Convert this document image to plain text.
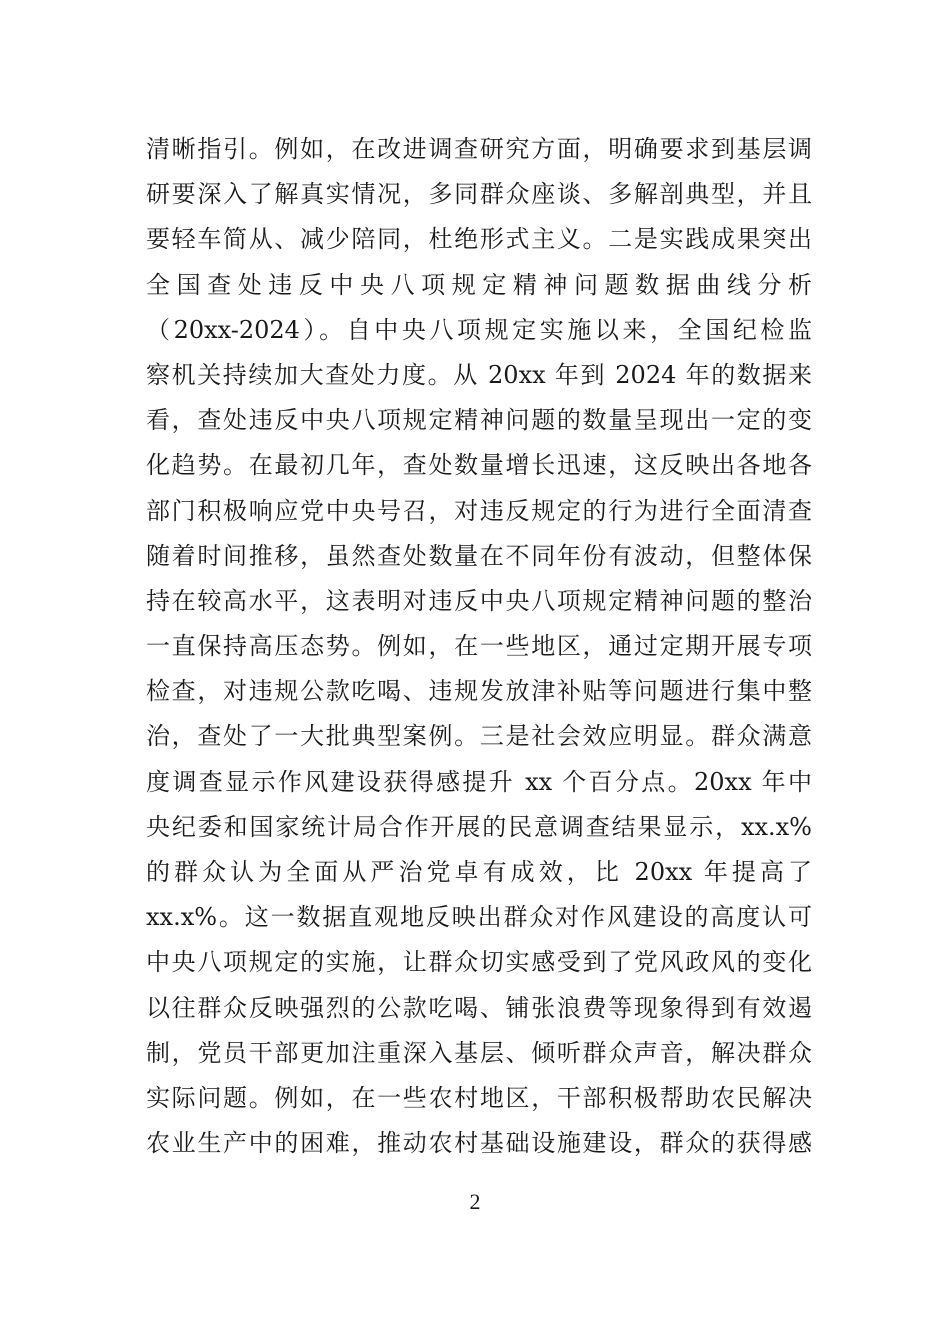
清晰指引。例如，在改进调查研究方面，明确要求到基层调
研要深入了解真实情况，多同群众座谈、多解剖典型，并且
要轻车简从、减少陪同，杜绝形式主义。二是实践成果突出
全国查处违反中央八项规定精神问题数据曲线分析
（20xx-2024）。自中央八项规定实施以来，全国纪检监
察机关持续加大查处力度。从 20xx 年到 2024 年的数据来
看，查处违反中央八项规定精神问题的数量呈现出一定的变
化趋势。在最初几年，查处数量增长迅速，这反映出各地各
部门积极响应党中央号召，对违反规定的行为进行全面清查
随着时间推移，虽然查处数量在不同年份有波动，但整体保
持在较高水平，这表明对违反中央八项规定精神问题的整治
一直保持高压态势。例如，在一些地区，通过定期开展专项
检查，对违规公款吃喝、违规发放津补贴等问题进行集中整
治，查处了一大批典型案例。三是社会效应明显。群众满意
度调查显示作风建设获得感提升 xx 个百分点。20xx 年中
央纪委和国家统计局合作开展的民意调查结果显示，xx.x%
的群众认为全面从严治党卓有成效，比 20xx 年提高了
xx.x%。这一数据直观地反映出群众对作风建设的高度认可
中央八项规定的实施，让群众切实感受到了党风政风的变化
以往群众反映强烈的公款吃喝、铺张浪费等现象得到有效遏
制，党员干部更加注重深入基层、倾听群众声音，解决群众
实际问题。例如，在一些农村地区，干部积极帮助农民解决
农业生产中的困难，推动农村基础设施建设，群众的获得感
2
